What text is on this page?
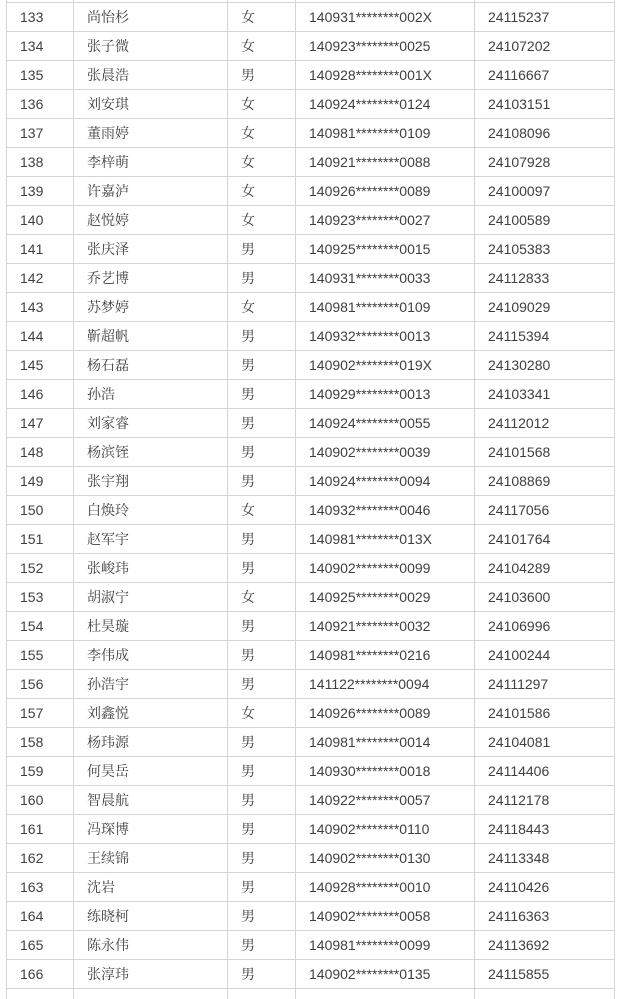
133	尚怡杉	女	140931********002X	24115237
134	张子微	女	140923********0025	24107202
135	张晨浩	男	140928********001X	24116667
136	刘安琪	女	140924********0124	24103151
137	董雨婷	女	140981********0109	24108096
138	李梓萌	女	140921********0088	24107928
139	许嘉泸	女	140926********0089	24100097
140	赵悦婷	女	140923********0027	24100589
141	张庆泽	男	140925********0015	24105383
142	乔艺博	男	140931********0033	24112833
143	苏梦婷	女	140981********0109	24109029
144	靳超帆	男	140932********0013	24115394
145	杨石磊	男	140902********019X	24130280
146	孙浩	男	140929********0013	24103341
147	刘家睿	男	140924********0055	24112012
148	杨滨铚	男	140902********0039	24101568
149	张宇翔	男	140924********0094	24108869
150	白焕玲	女	140932********0046	24117056
151	赵军宇	男	140981********013X	24101764
152	张峻玮	男	140902********0099	24104289
153	胡淑宁	女	140925********0029	24103600
154	杜昊璇	男	140921********0032	24106996
155	李伟成	男	140981********0216	24100244
156	孙浩宇	男	141122********0094	24111297
157	刘鑫悦	女	140926********0089	24101586
158	杨玮源	男	140981********0014	24104081
159	何昊岳	男	140930********0018	24114406
160	智晨航	男	140922********0057	24112178
161	冯琛博	男	140902********0110	24118443
162	王续锦	男	140902********0130	24113348
163	沈岩	男	140928********0010	24110426
164	练晓柯	男	140902********0058	24116363
165	陈永伟	男	140981********0099	24113692
166	张淳玮	男	140902********0135	24115855
